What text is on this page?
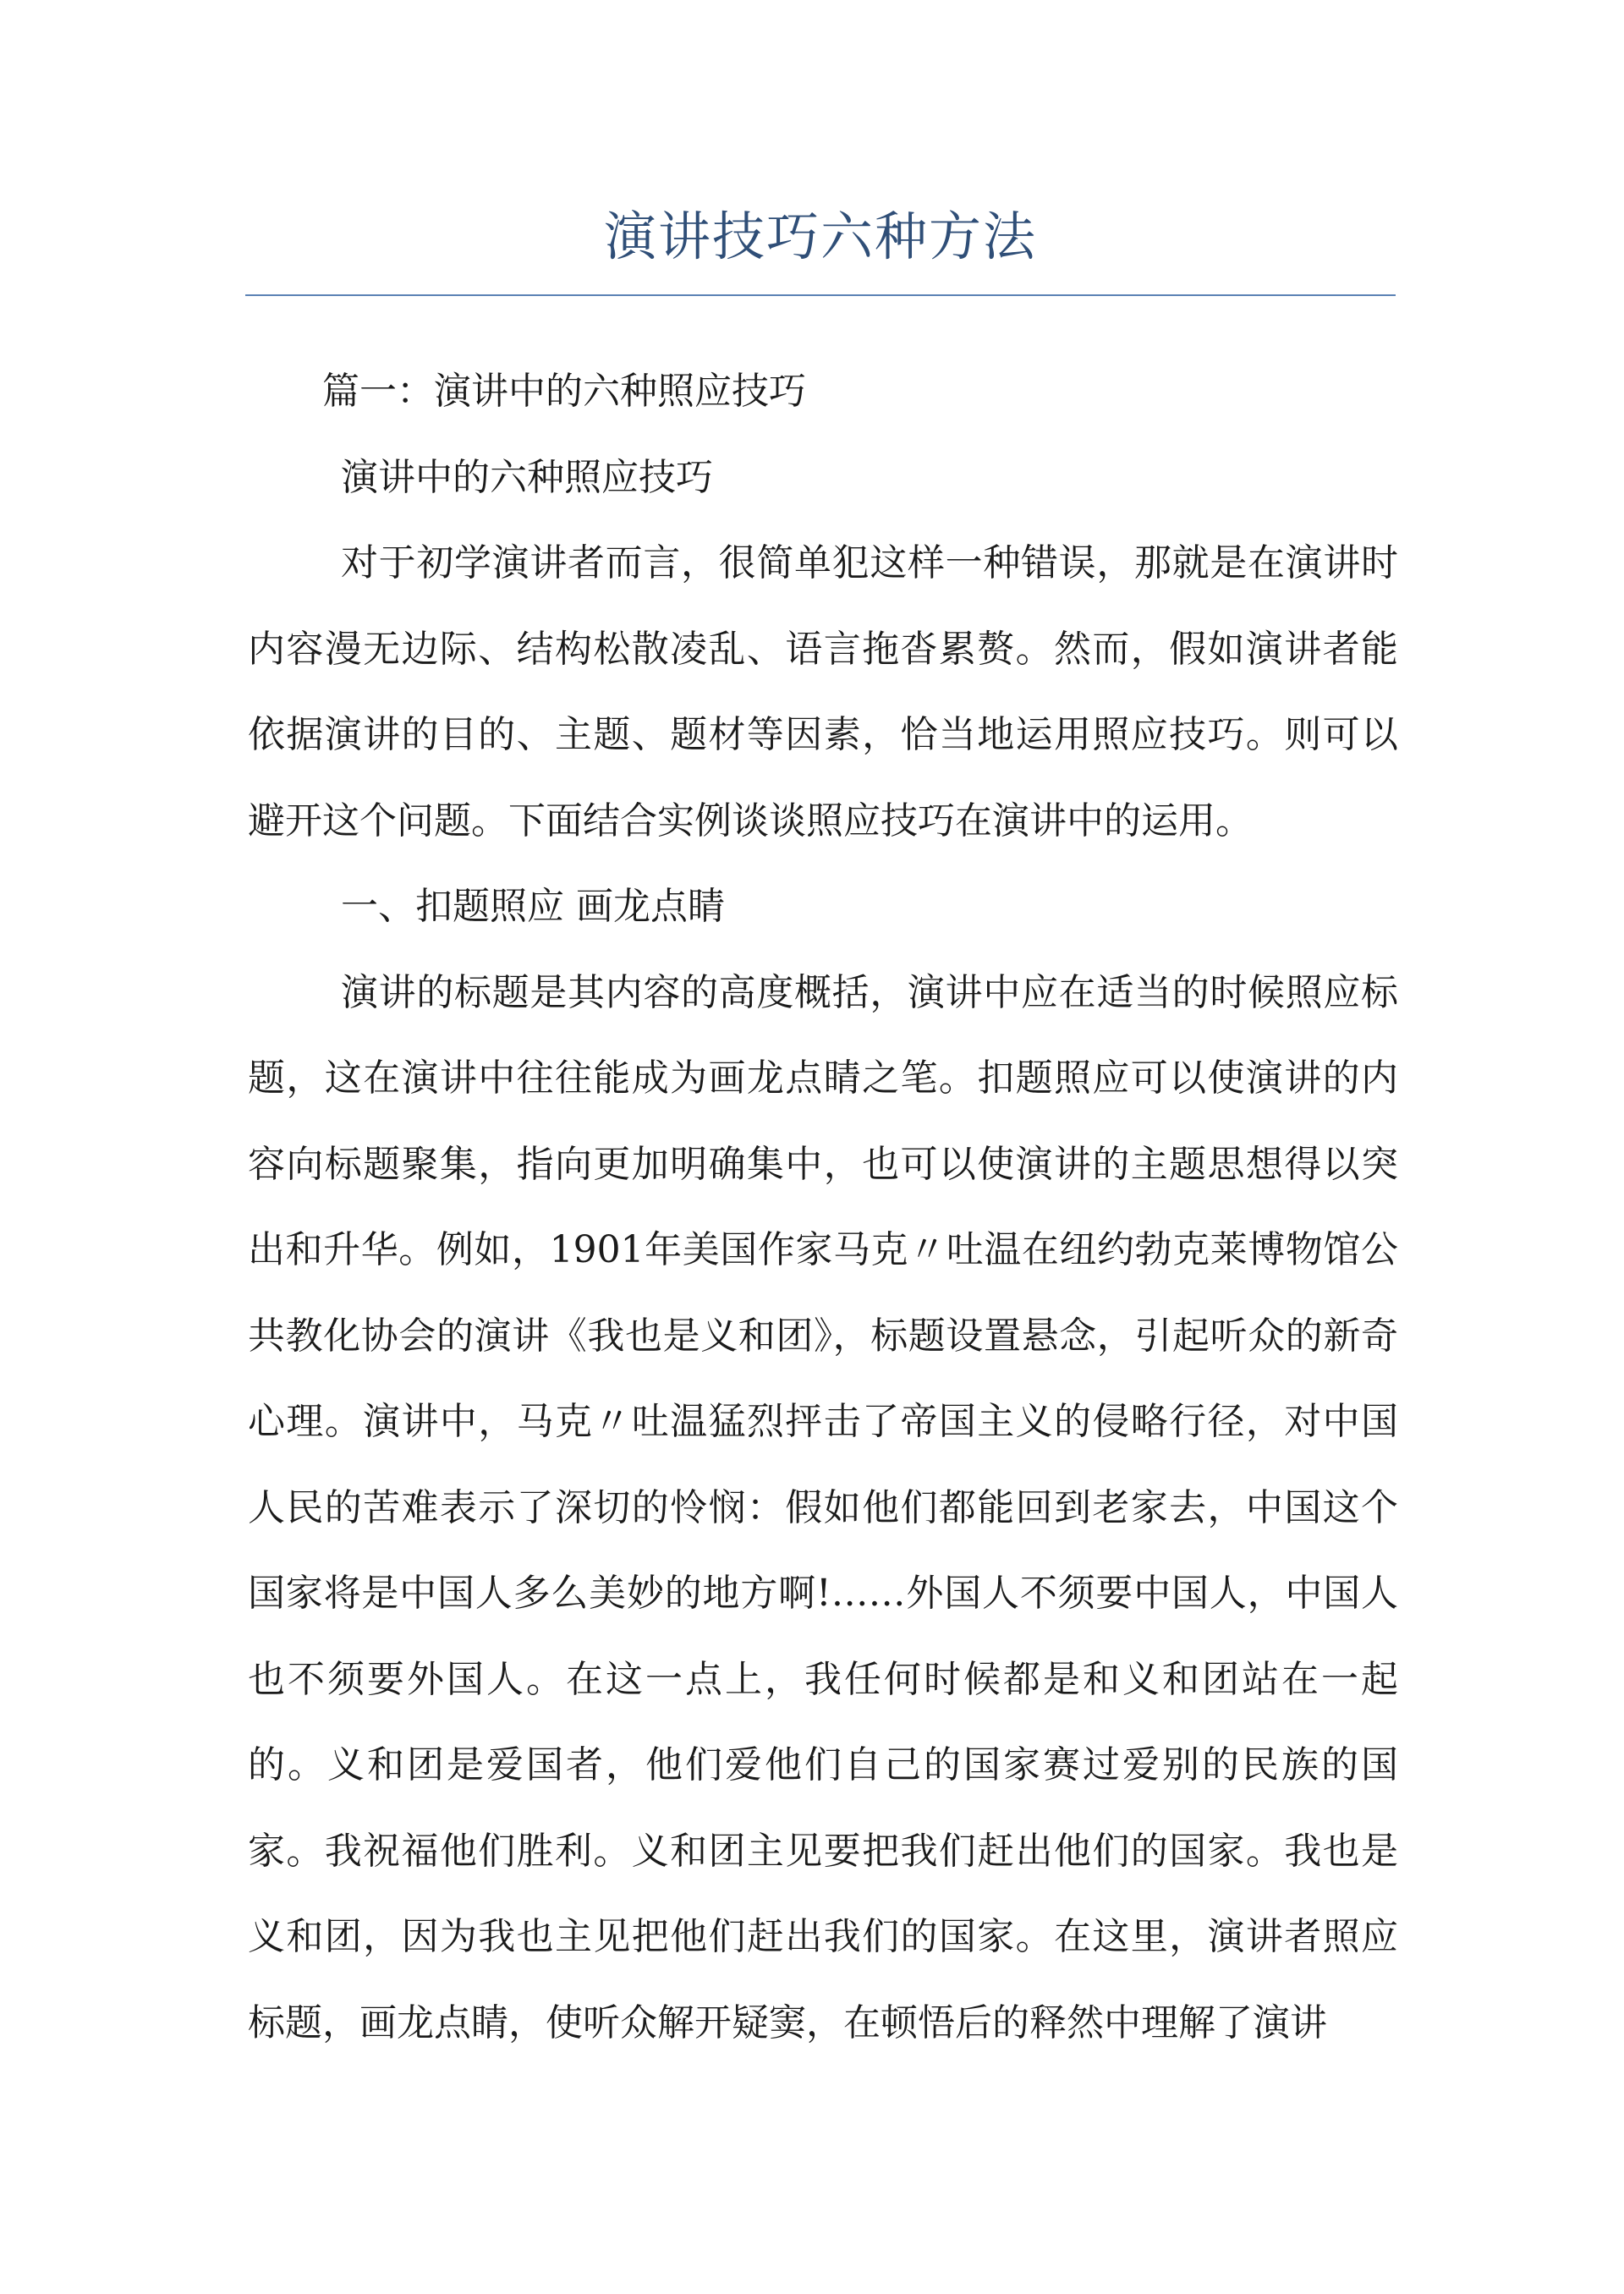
演讲技巧六种方法

篇一：演讲中的六种照应技巧

演讲中的六种照应技巧

对于初学演讲者而言，很简单犯这样一种错误，那就是在演讲时内容漫无边际、结构松散凌乱、语言拖沓累赘。然而，假如演讲者能依据演讲的目的、主题、题材等因素，恰当地运用照应技巧。则可以避开这个问题。下面结合实例谈谈照应技巧在演讲中的运用。

一、扣题照应 画龙点睛

演讲的标题是其内容的高度概括，演讲中应在适当的时候照应标题，这在演讲中往往能成为画龙点睛之笔。扣题照应可以使演讲的内容向标题聚集，指向更加明确集中，也可以使演讲的主题思想得以突出和升华。例如，1901年美国作家马克〃吐温在纽约勃克莱博物馆公共教化协会的演讲《我也是义和团》，标题设置悬念，引起听众的新奇心理。演讲中，马克〃吐温猛烈抨击了帝国主义的侵略行径，对中国人民的苦难表示了深切的怜悯：假如他们都能回到老家去，中国这个国家将是中国人多么美妙的地方啊!……外国人不须要中国人，中国人也不须要外国人。在这一点上，我任何时候都是和义和团站在一起的。义和团是爱国者，他们爱他们自己的国家赛过爱别的民族的国家。我祝福他们胜利。义和团主见要把我们赶出他们的国家。我也是义和团，因为我也主见把他们赶出我们的国家。在这里，演讲者照应标题，画龙点睛，使听众解开疑窦，在顿悟后的释然中理解了演讲
